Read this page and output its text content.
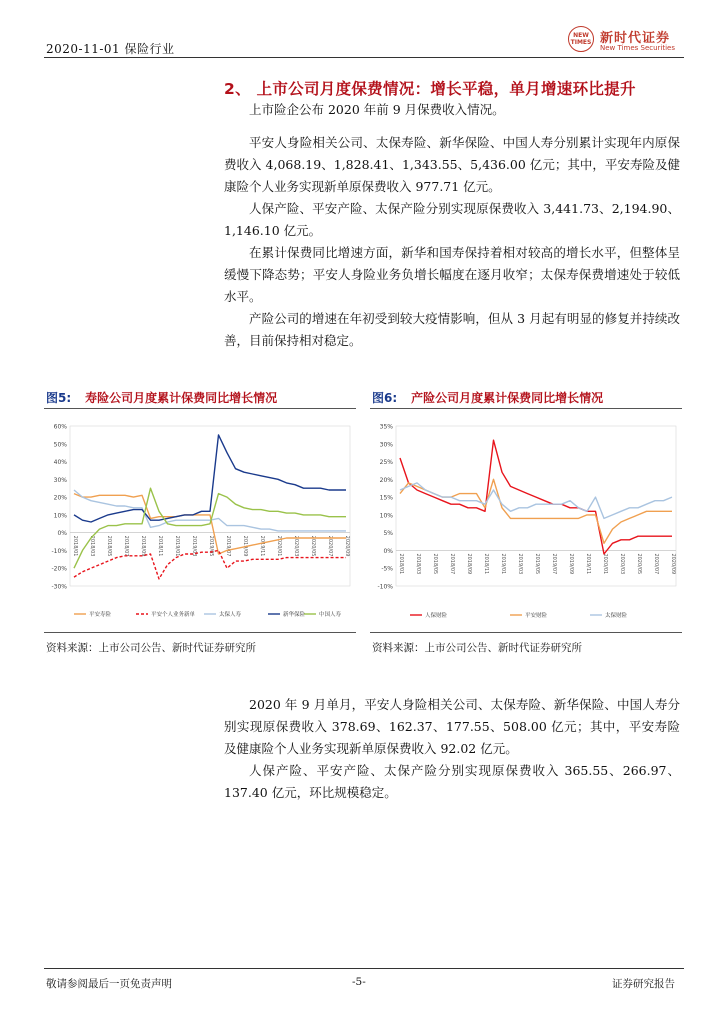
2020-11-01 保险行业
NEW TIMES 新时代证券
New Times Securities
2、 上市公司月度保费情况：增长平稳，单月增速环比提升

上市险企公布 2020 年前 9 月保费收入情况。

平安人身险相关公司、太保寿险、新华保险、中国人寿分别累计实现年内原保费收入 4,068.19、1,828.41、1,343.55、5,436.00 亿元；其中，平安寿险及健康险个人业务实现新单原保费收入 977.71 亿元。

人保产险、平安产险、太保产险分别实现原保费收入 3,441.73、2,194.90、1,146.10 亿元。

在累计保费同比增速方面，新华和国寿保持着相对较高的增长水平，但整体呈缓慢下降态势；平安人身险业务负增长幅度在逐月收窄；太保寿保费增速处于较低水平。

产险公司的增速在年初受到较大疫情影响，但从 3 月起有明显的修复并持续改善，目前保持相对稳定。

图5: 寿险公司月度累计保费同比增长情况
60%
50%
40%
30%
20%
10%
0%
-10%
-20%
-30%
2018/01 2018/03 2018/05 2018/07 2018/09 2018/11 2019/01 2019/03 2019/05 2019/07 2019/09 2019/11 2020/01 2020/03 2020/05 2020/07 2020/09
平安寿险	平安个人业务新单	太保人寿	新华保险	中国人寿
资料来源：上市公司公告、新时代证券研究所
图6: 产险公司月度累计保费同比增长情况
35%
30%
25%
20%
15%
10%
5%
0%
-5%
-10%
2018/01 2018/03 2018/05 2018/07 2018/09 2018/11 2019/01 2019/03 2019/05 2019/07 2019/09 2019/11 2020/01 2020/03 2020/05 2020/07 2020/09
人保财险	平安财险	太保财险
资料来源：上市公司公告、新时代证券研究所

2020 年 9 月单月，平安人身险相关公司、太保寿险、新华保险、中国人寿分别实现原保费收入 378.69、162.37、177.55、508.00 亿元；其中，平安寿险及健康险个人业务实现新单原保费收入 92.02 亿元。

人保产险、平安产险、太保产险分别实现原保费收入 365.55、266.97、137.40 亿元，环比规模稳定。

敬请参阅最后一页免责声明	-5-	证券研究报告
